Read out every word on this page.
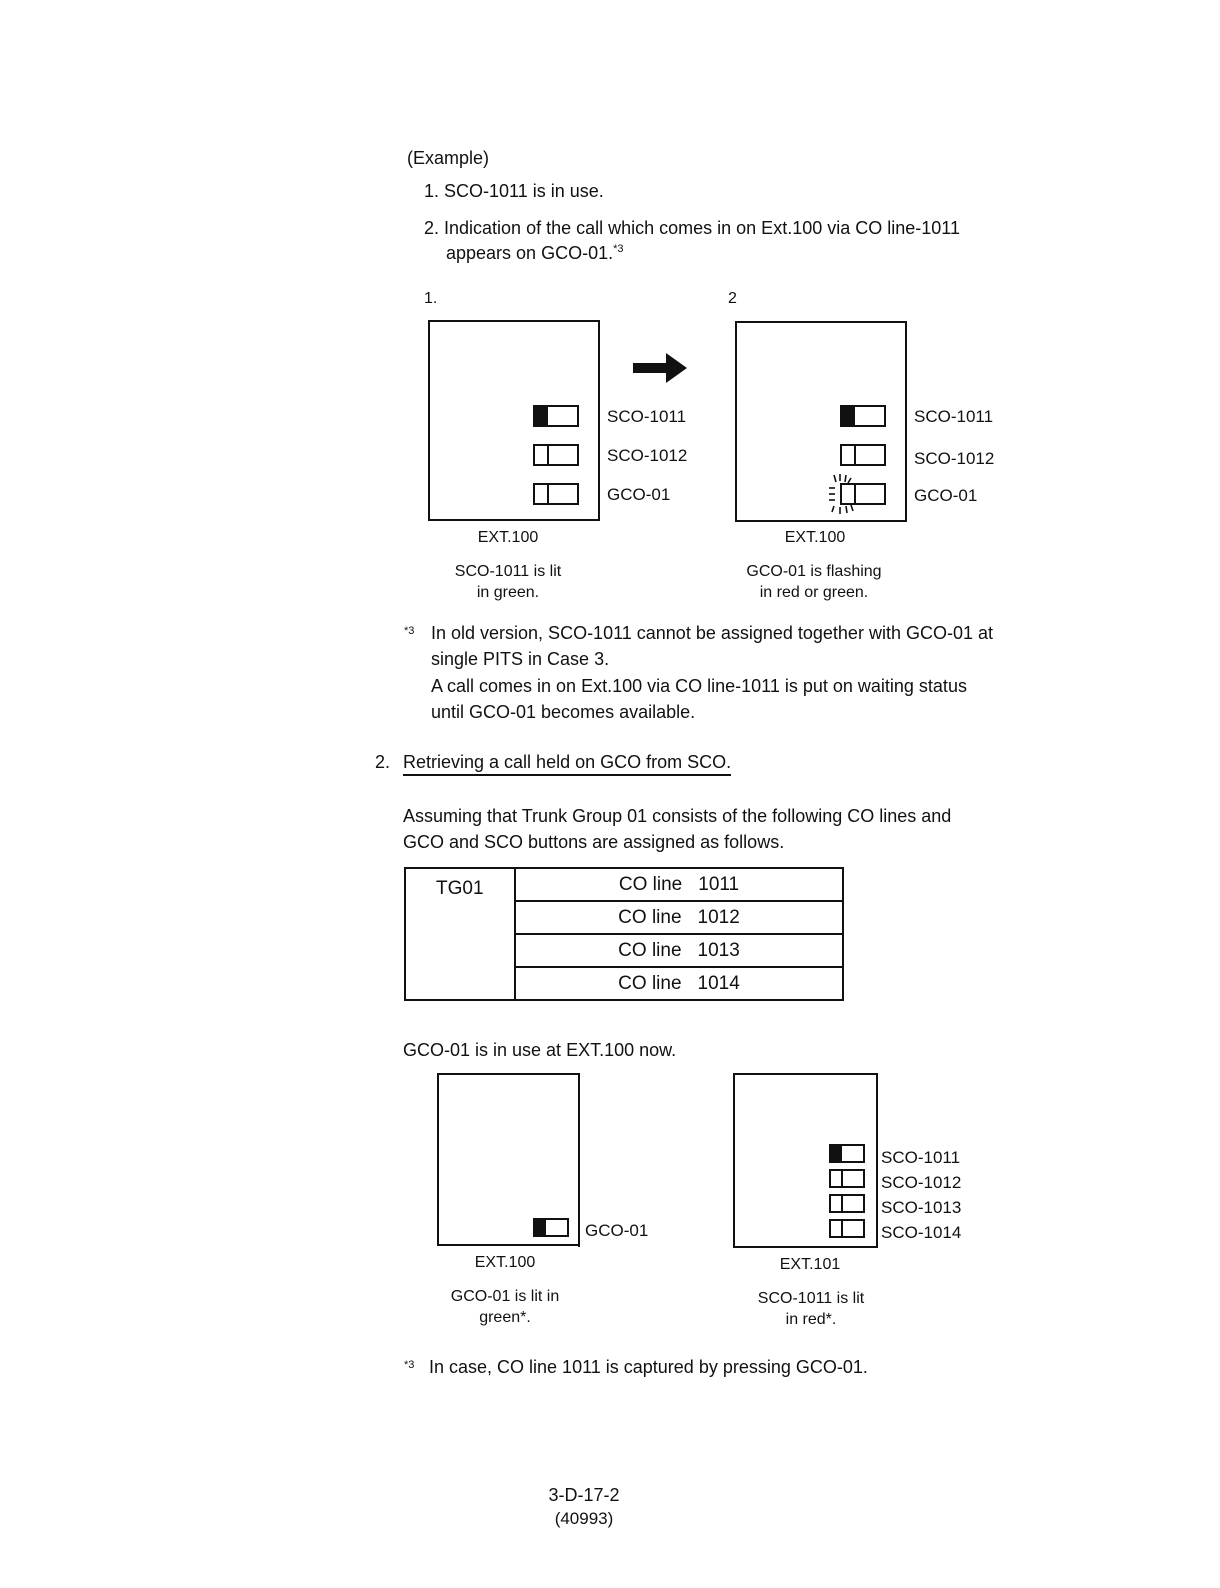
(Example)
1. SCO-1011 is in use.
2. Indication of the call which comes in on Ext.100 via CO line-1011
appears on GCO-01.$^{*3}$
1.	2
SCO-1011
SCO-1012
GCO-01
EXT.100
SCO-1011 is lit
in green.
SCO-1011
SCO-1012
GCO-01
EXT.100
GCO-01 is flashing
in red or green.
*3 In old version, SCO-1011 cannot be assigned together with GCO-01 at
single PITS in Case 3.
A call comes in on Ext.100 via CO line-1011 is put on waiting status
until GCO-01 becomes available.
2. Retrieving a call held on GCO from SCO.
Assuming that Trunk Group 01 consists of the following CO lines and
GCO and SCO buttons are assigned as follows.
TG01	CO line 1011
CO line 1012
CO line 1013
CO line 1014
GCO-01 is in use at EXT.100 now.
GCO-01
EXT.100
GCO-01 is lit in
green*.
SCO-1011
SCO-1012
SCO-1013
SCO-1014
EXT.101
SCO-1011 is lit
in red*.
*3 In case, CO line 1011 is captured by pressing GCO-01.
3-D-17-2
(40993)
